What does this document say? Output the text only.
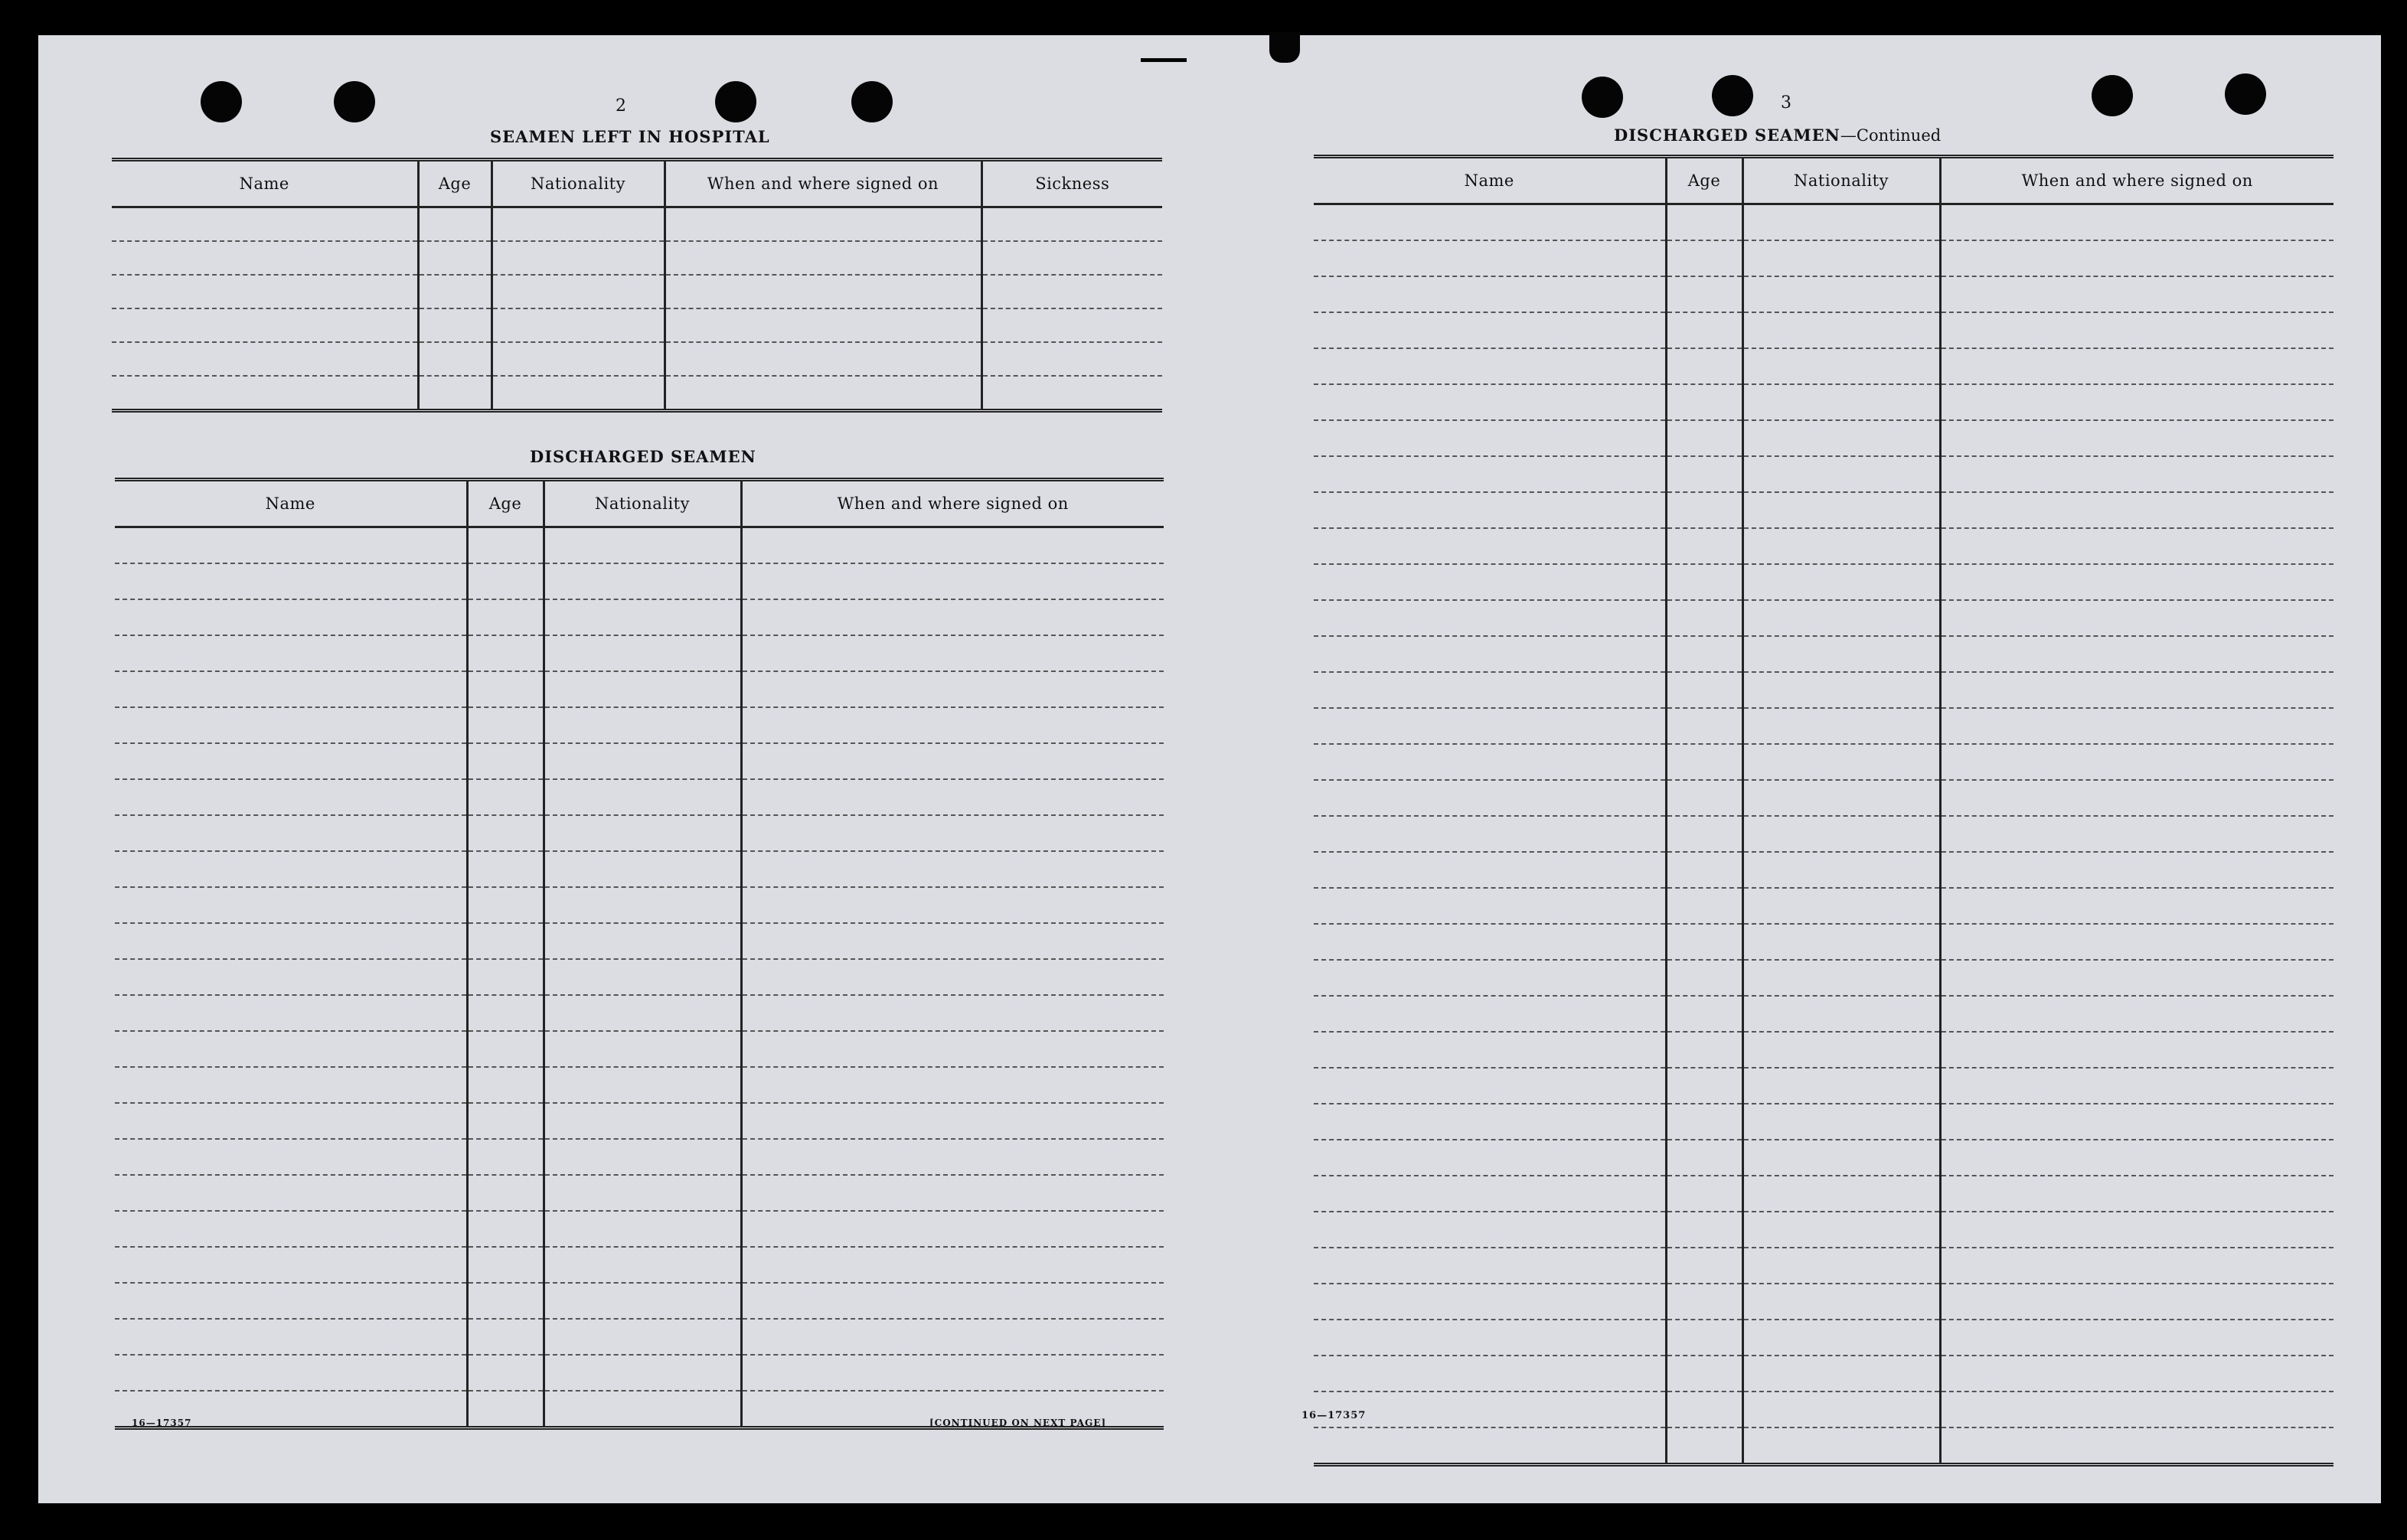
2
SEAMEN LEFT IN HOSPITAL
Name	Age	Nationality	When and where signed on	Sickness

DISCHARGED SEAMEN
Name	Age	Nationality	When and where signed on

16—17357	[CONTINUED ON NEXT PAGE]
3
DISCHARGED SEAMEN—Continued
Name	Age	Nationality	When and where signed on

16—17357
